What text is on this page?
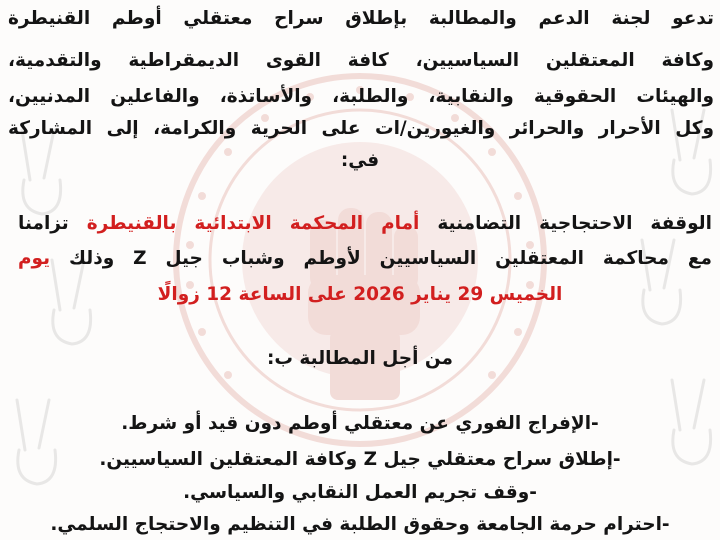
تدعو لجنة الدعم والمطالبة بإطلاق سراح معتقلي أوطم القنيطرة
وكافة المعتقلين السياسيين، كافة القوى الديمقراطية والتقدمية،
والهيئات الحقوقية والنقابية، والطلبة، والأساتذة، والفاعلين المدنيين،
وكل الأحرار والحرائر والغيورين/ات على الحرية والكرامة، إلى المشاركة
في:
الوقفة الاحتجاجية التضامنية أمام المحكمة الابتدائية بالقنيطرة تزامنا
مع محاكمة المعتقلين السياسيين لأوطم وشباب جيل Z وذلك يوم
الخميس 29 يناير 2026 على الساعة 12 زوالًا
من أجل المطالبة ب:
-الإفراج الفوري عن معتقلي أوطم دون قيد أو شرط.
-إطلاق سراح معتقلي جيل Z وكافة المعتقلين السياسيين.
-وقف تجريم العمل النقابي والسياسي.
-احترام حرمة الجامعة وحقوق الطلبة في التنظيم والاحتجاج السلمي.
